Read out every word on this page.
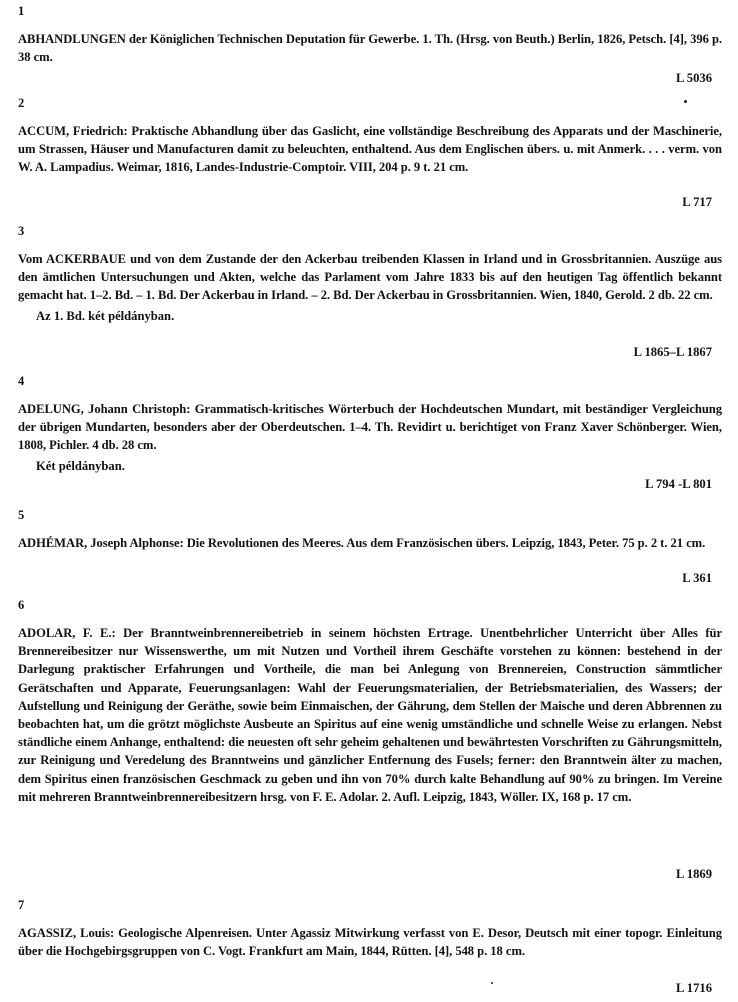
1
ABHANDLUNGEN der Königlichen Technischen Deputation für Gewerbe. 1. Th. (Hrsg. von Beuth.) Berlin, 1826, Petsch. [4], 396 p. 38 cm.
L 5036
2
ACCUM, Friedrich: Praktische Abhandlung über das Gaslicht, eine vollständige Beschreibung des Apparats und der Maschinerie, um Strassen, Häuser und Manufacturen damit zu beleuchten, enthaltend. Aus dem Englischen übers. u. mit Anmerk. . . . verm. von W. A. Lampadius. Weimar, 1816, Landes-Industrie-Comptoir. VIII, 204 p. 9 t. 21 cm.
L 717
3
Vom ACKERBAUE und von dem Zustande der den Ackerbau treibenden Klassen in Irland und in Grossbritannien. Auszüge aus den ämtlichen Untersuchungen und Akten, welche das Parlament vom Jahre 1833 bis auf den heutigen Tag öffentlich bekannt gemacht hat. 1–2. Bd. – 1. Bd. Der Ackerbau in Irland. – 2. Bd. Der Ackerbau in Grossbritannien. Wien, 1840, Gerold. 2 db. 22 cm.
Az 1. Bd. két példányban.
L 1865–L 1867
4
ADELUNG, Johann Christoph: Grammatisch-kritisches Wörterbuch der Hochdeutschen Mundart, mit beständiger Vergleichung der übrigen Mundarten, besonders aber der Oberdeutschen. 1–4. Th. Revidirt u. berichtiget von Franz Xaver Schönberger. Wien, 1808, Pichler. 4 db. 28 cm.
Két példányban.
L 794 -L 801
5
ADHÉMAR, Joseph Alphonse: Die Revolutionen des Meeres. Aus dem Französischen übers. Leipzig, 1843, Peter. 75 p. 2 t. 21 cm.
L 361
6
ADOLAR, F. E.: Der Branntweinbrennereibetrieb in seinem höchsten Ertrage. Unentbehrlicher Unterricht über Alles für Brennereibesitzer nur Wissenswerthe, um mit Nutzen und Vortheil ihrem Geschäfte vorstehen zu können: bestehend in der Darlegung praktischer Erfahrungen und Vortheile, die man bei Anlegung von Brennereien, Construction sämmtlicher Gerätschaften und Apparate, Feuerungsanlagen: Wahl der Feuerungsmaterialien, der Betriebsmaterialien, des Wassers; der Aufstellung und Reinigung der Geräthe, sowie beim Einmaischen, der Gährung, dem Stellen der Maische und deren Abbrennen zu beobachten hat, um die grötzt möglichste Ausbeute an Spiritus auf eine wenig umständliche und schnelle Weise zu erlangen. Nebst ständliche einem Anhange, enthaltend: die neuesten oft sehr geheim gehaltenen und bewährtesten Vorschriften zu Gährungsmitteln, zur Reinigung und Veredelung des Branntweins und gänzlicher Entfernung des Fusels; ferner: den Branntwein älter zu machen, dem Spiritus einen französischen Geschmack zu geben und ihn von 70% durch kalte Behandlung auf 90% zu bringen. Im Vereine mit mehreren Branntweinbrennereibesitzern hrsg. von F. E. Adolar. 2. Aufl. Leipzig, 1843, Wöller. IX, 168 p. 17 cm.
L 1869
7
AGASSIZ, Louis: Geologische Alpenreisen. Unter Agassiz Mitwirkung verfasst von E. Desor, Deutsch mit einer topogr. Einleitung über die Hochgebirgsgruppen von C. Vogt. Frankfurt am Main, 1844, Rütten. [4], 548 p. 18 cm.
L 1716
